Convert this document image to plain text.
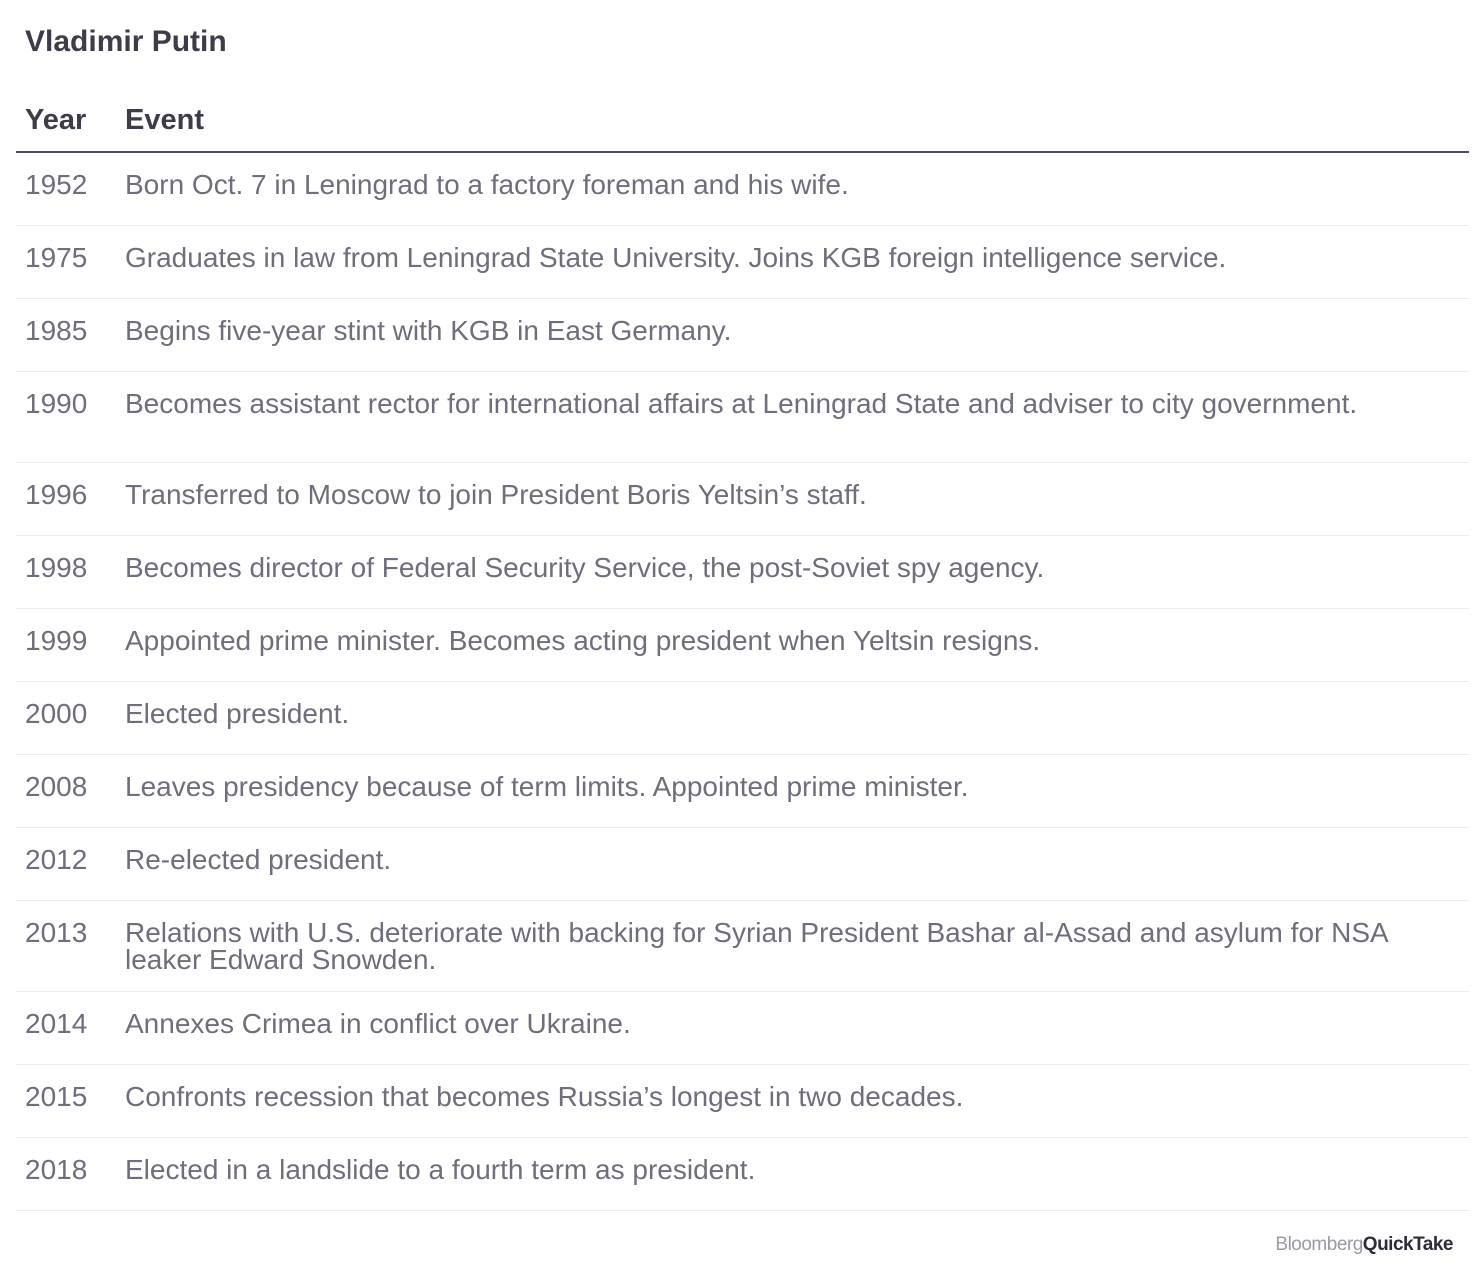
Vladimir Putin
Year	Event
1952	Born Oct. 7 in Leningrad to a factory foreman and his wife.
1975	Graduates in law from Leningrad State University. Joins KGB foreign intelligence service.
1985	Begins five-year stint with KGB in East Germany.
1990	Becomes assistant rector for international affairs at Leningrad State and adviser to city government.
1996	Transferred to Moscow to join President Boris Yeltsin’s staff.
1998	Becomes director of Federal Security Service, the post-Soviet spy agency.
1999	Appointed prime minister. Becomes acting president when Yeltsin resigns.
2000	Elected president.
2008	Leaves presidency because of term limits. Appointed prime minister.
2012	Re-elected president.
2013	Relations with U.S. deteriorate with backing for Syrian President Bashar al-Assad and asylum for NSA leaker Edward Snowden.
2014	Annexes Crimea in conflict over Ukraine.
2015	Confronts recession that becomes Russia’s longest in two decades.
2018	Elected in a landslide to a fourth term as president.
BloombergQuickTake
